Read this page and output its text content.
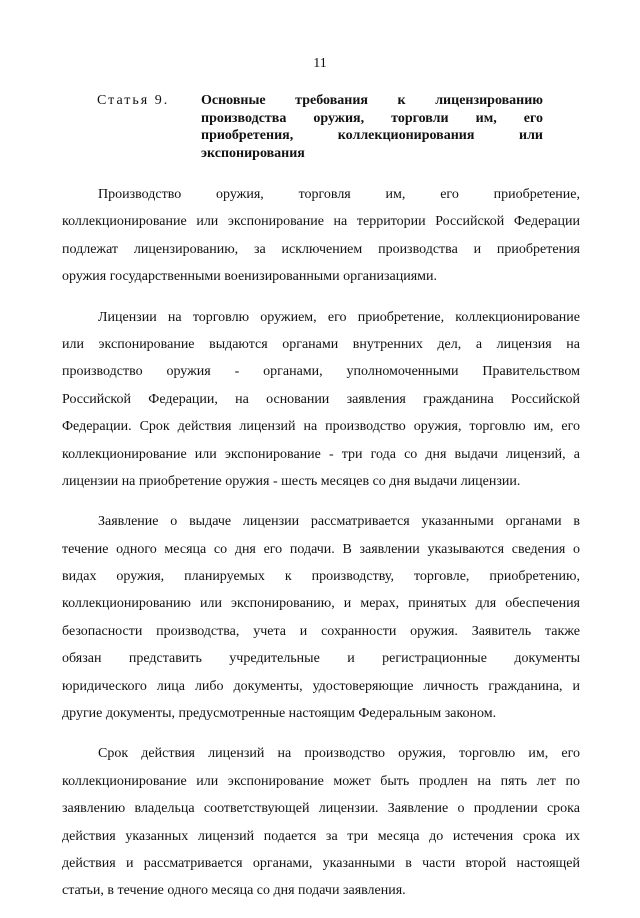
11
Статья 9. Основные требования к лицензированию
производства оружия, торговли им, его
приобретения, коллекционирования или
экспонирования
Производство оружия, торговля им, его приобретение,
коллекционирование или экспонирование на территории Российской Федерации
подлежат лицензированию, за исключением производства и приобретения
оружия государственными военизированными организациями.
Лицензии на торговлю оружием, его приобретение, коллекционирование
или экспонирование выдаются органами внутренних дел, а лицензия на
производство оружия - органами, уполномоченными Правительством
Российской Федерации, на основании заявления гражданина Российской
Федерации. Срок действия лицензий на производство оружия, торговлю им, его
коллекционирование или экспонирование - три года со дня выдачи лицензий, а
лицензии на приобретение оружия - шесть месяцев со дня выдачи лицензии.
Заявление о выдаче лицензии рассматривается указанными органами в
течение одного месяца со дня его подачи. В заявлении указываются сведения о
видах оружия, планируемых к производству, торговле, приобретению,
коллекционированию или экспонированию, и мерах, принятых для обеспечения
безопасности производства, учета и сохранности оружия. Заявитель также
обязан представить учредительные и регистрационные документы
юридического лица либо документы, удостоверяющие личность гражданина, и
другие документы, предусмотренные настоящим Федеральным законом.
Срок действия лицензий на производство оружия, торговлю им, его
коллекционирование или экспонирование может быть продлен на пять лет по
заявлению владельца соответствующей лицензии. Заявление о продлении срока
действия указанных лицензий подается за три месяца до истечения срока их
действия и рассматривается органами, указанными в части второй настоящей
статьи, в течение одного месяца со дня подачи заявления.
